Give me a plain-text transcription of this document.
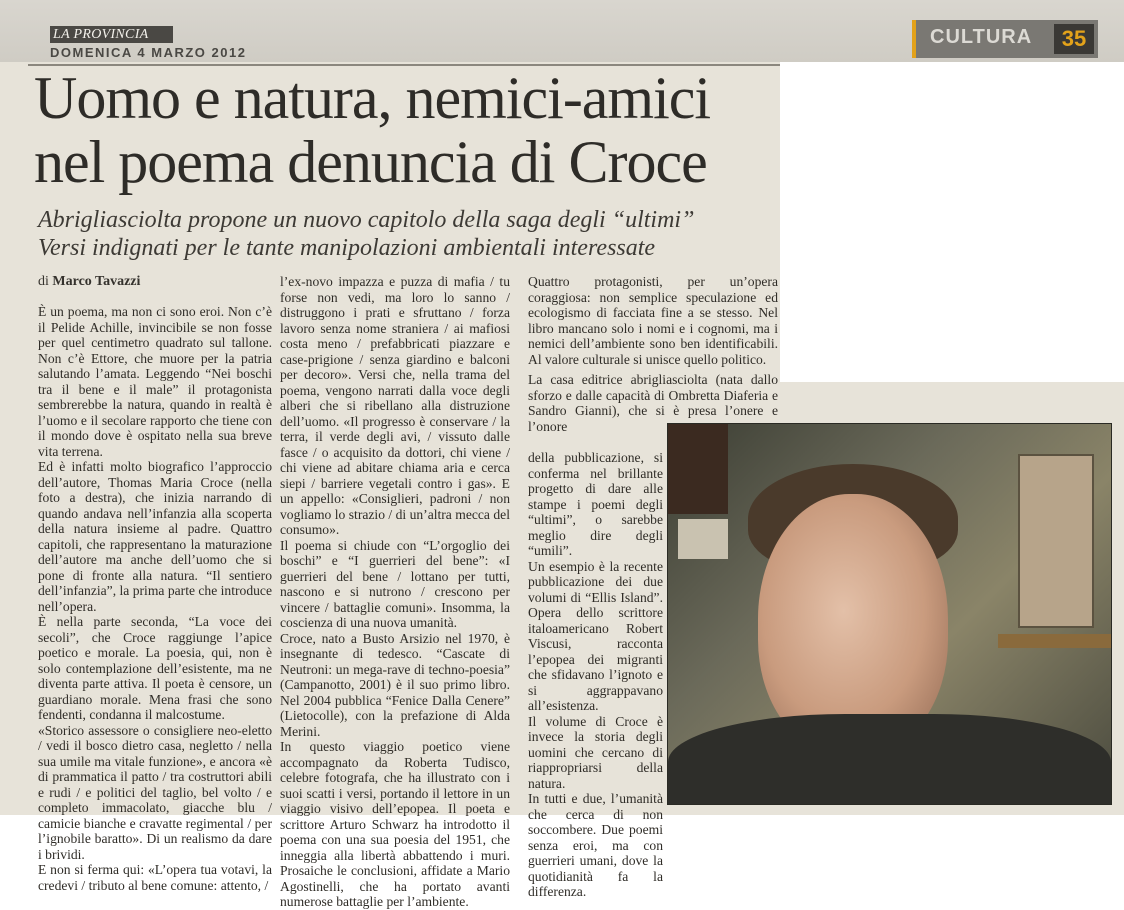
LA PROVINCIA
DOMENICA 4 MARZO 2012
CULTURA	35
Uomo e natura, nemici-amici
nel poema denuncia di Croce
Abrigliasciolta propone un nuovo capitolo della saga degli “ultimi”
Versi indignati per le tante manipolazioni ambientali interessate
di Marco Tavazzi

È un poema, ma non ci sono eroi. Non c’è il Pelide Achille, invincibile se non fosse per quel centimetro quadrato sul tallone. Non c’è Ettore, che muore per la patria salutando l’amata. Leggendo “Nei boschi tra il bene e il male” il protagonista sembrerebbe la natura, quando in realtà è l’uomo e il secolare rapporto che tiene con il mondo dove è ospitato nella sua breve vita terrena.

Ed è infatti molto biografico l’approccio dell’autore, Thomas Maria Croce (nella foto a destra), che inizia narrando di quando andava nell’infanzia alla scoperta della natura insieme al padre. Quattro capitoli, che rappresentano la maturazione dell’autore ma anche dell’uomo che si pone di fronte alla natura. “Il sentiero dell’infanzia”, la prima parte che introduce nell’opera.

È nella parte seconda, “La voce dei secoli”, che Croce raggiunge l’apice poetico e morale. La poesia, qui, non è solo contemplazione dell’esistente, ma ne diventa parte attiva. Il poeta è censore, un guardiano morale. Mena frasi che sono fendenti, condanna il malcostume.

«Storico assessore o consigliere neo-eletto / vedi il bosco dietro casa, negletto / nella sua umile ma vitale funzione», e ancora «è di prammatica il patto / tra costruttori abili e rudi / e politici del taglio, bel volto / e completo immacolato, giacche blu / camicie bianche e cravatte regimental / per l’ignobile baratto». Di un realismo da dare i brividi.

E non si ferma qui: «L’opera tua votavi, la credevi / tributo al bene comune: attento, /

l’ex-novo impazza e puzza di mafia / tu forse non vedi, ma loro lo sanno / distruggono i prati e sfruttano / forza lavoro senza nome straniera / ai mafiosi costa meno / prefabbricati piazzare e case-prigione / senza giardino e balconi per decoro». Versi che, nella trama del poema, vengono narrati dalla voce degli alberi che si ribellano alla distruzione dell’uomo. «Il progresso è conservare / la terra, il verde degli avi, / vissuto dalle fasce / o acquisito da dottori, chi viene / chi viene ad abitare chiama aria e cerca siepi / barriere vegetali contro i gas». E un appello: «Consiglieri, padroni / non vogliamo lo strazio / di un’altra mecca del consumo».

Il poema si chiude con “L’orgoglio dei boschi” e “I guerrieri del bene”: «I guerrieri del bene / lottano per tutti, nascono e si nutrono / crescono per vincere / battaglie comuni». Insomma, la coscienza di una nuova umanità.

Croce, nato a Busto Arsizio nel 1970, è insegnante di tedesco. “Cascate di Neutroni: un mega-rave di techno-poesia” (Campanotto, 2001) è il suo primo libro. Nel 2004 pubblica “Fenice Dalla Cenere” (Lietocolle), con la prefazione di Alda Merini.

In questo viaggio poetico viene accompagnato da Roberta Tudisco, celebre fotografa, che ha illustrato con i suoi scatti i versi, portando il lettore in un viaggio visivo dell’epopea. Il poeta e scrittore Arturo Schwarz ha introdotto il poema con una sua poesia del 1951, che inneggia alla libertà abbattendo i muri. Prosaiche le conclusioni, affidate a Mario Agostinelli, che ha portato avanti numerose battaglie per l’ambiente.

Quattro protagonisti, per un’opera coraggiosa: non semplice speculazione ed ecologismo di facciata fine a se stesso. Nel libro mancano solo i nomi e i cognomi, ma i nemici dell’ambiente sono ben identificabili. Al valore culturale si unisce quello politico.

La casa editrice abrigliasciolta (nata dallo sforzo e dalle capacità di Ombretta Diaferia e Sandro Gianni), che si è presa l’onere e l’onore

della pubblicazione, si conferma nel brillante progetto di dare alle stampe i poemi degli “ultimi”, o sarebbe meglio dire degli “umili”.

Un esempio è la recente pubblicazione dei due volumi di “Ellis Island”. Opera dello scrittore italoamericano Robert Viscusi, racconta l’epopea dei migranti che sfidavano l’ignoto e si aggrappavano all’esistenza.

Il volume di Croce è invece la storia degli uomini che cercano di riappropriarsi della natura.

In tutti e due, l’umanità che cerca di non soccombere. Due poemi senza eroi, ma con guerrieri umani, dove la quotidianità fa la differenza.
